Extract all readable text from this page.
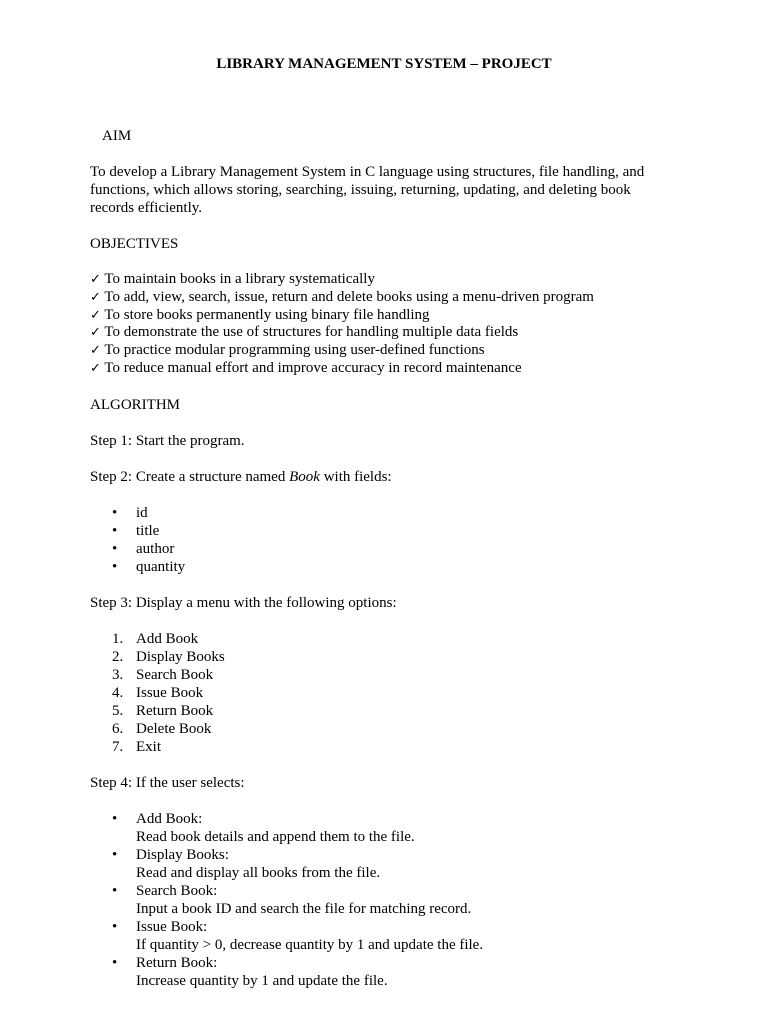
LIBRARY MANAGEMENT SYSTEM – PROJECT

AIM

To develop a Library Management System in C language using structures, file handling, and functions, which allows storing, searching, issuing, returning, updating, and deleting book records efficiently.

OBJECTIVES

✓ To maintain books in a library systematically
✓ To add, view, search, issue, return and delete books using a menu-driven program
✓ To store books permanently using binary file handling
✓ To demonstrate the use of structures for handling multiple data fields
✓ To practice modular programming using user-defined functions
✓ To reduce manual effort and improve accuracy in record maintenance

ALGORITHM

Step 1: Start the program.

Step 2: Create a structure named Book with fields:

• id
• title
• author
• quantity

Step 3: Display a menu with the following options:

1. Add Book
2. Display Books
3. Search Book
4. Issue Book
5. Return Book
6. Delete Book
7. Exit

Step 4: If the user selects:

• Add Book:
Read book details and append them to the file.
• Display Books:
Read and display all books from the file.
• Search Book:
Input a book ID and search the file for matching record.
• Issue Book:
If quantity > 0, decrease quantity by 1 and update the file.
• Return Book:
Increase quantity by 1 and update the file.
